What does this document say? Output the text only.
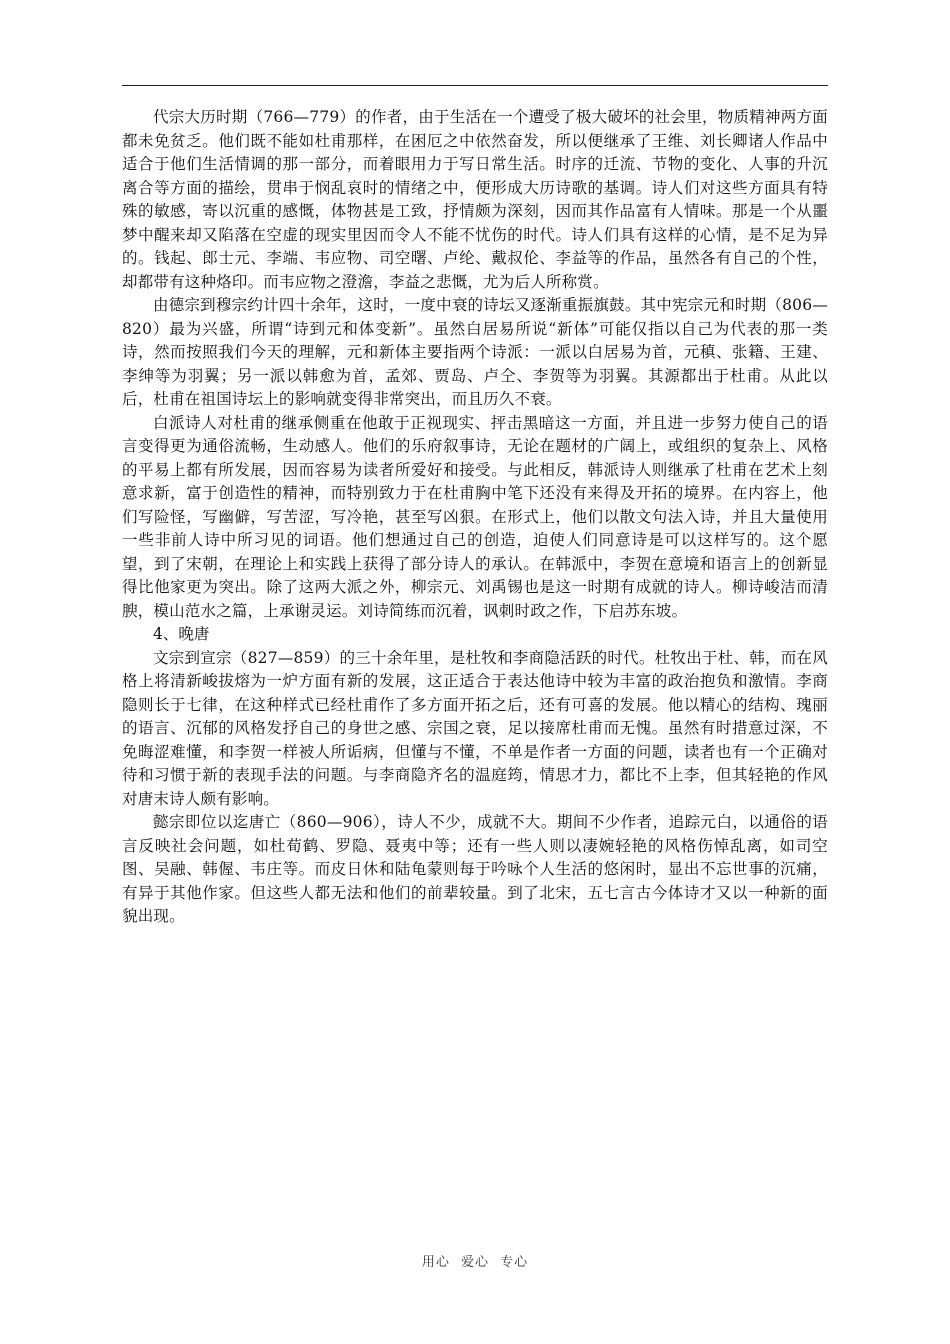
代宗大历时期（766—779）的作者，由于生活在一个遭受了极大破坏的社会里，物质精神两方面都未免贫乏。他们既不能如杜甫那样，在困厄之中依然奋发，所以便继承了王维、刘长卿诸人作品中适合于他们生活情调的那一部分，而着眼用力于写日常生活。时序的迁流、节物的变化、人事的升沉离合等方面的描绘，贯串于悯乱哀时的情绪之中，便形成大历诗歌的基调。诗人们对这些方面具有特殊的敏感，寄以沉重的感慨，体物甚是工致，抒情颇为深刻，因而其作品富有人情味。那是一个从噩梦中醒来却又陷落在空虚的现实里因而令人不能不忧伤的时代。诗人们具有这样的心情，是不足为异的。钱起、郎士元、李端、韦应物、司空曙、卢纶、戴叔伦、李益等的作品，虽然各有自己的个性，却都带有这种烙印。而韦应物之澄澹，李益之悲慨，尤为后人所称赏。

由德宗到穆宗约计四十余年，这时，一度中衰的诗坛又逐渐重振旗鼓。其中宪宗元和时期（806—820）最为兴盛，所谓“诗到元和体变新”。虽然白居易所说“新体”可能仅指以自己为代表的那一类诗，然而按照我们今天的理解，元和新体主要指两个诗派：一派以白居易为首，元稹、张籍、王建、李绅等为羽翼；另一派以韩愈为首，孟郊、贾岛、卢仝、李贺等为羽翼。其源都出于杜甫。从此以后，杜甫在祖国诗坛上的影响就变得非常突出，而且历久不衰。

白派诗人对杜甫的继承侧重在他敢于正视现实、抨击黑暗这一方面，并且进一步努力使自己的语言变得更为通俗流畅，生动感人。他们的乐府叙事诗，无论在题材的广阔上，或组织的复杂上、风格的平易上都有所发展，因而容易为读者所爱好和接受。与此相反，韩派诗人则继承了杜甫在艺术上刻意求新，富于创造性的精神，而特别致力于在杜甫胸中笔下还没有来得及开拓的境界。在内容上，他们写险怪，写幽僻，写苦涩，写冷艳，甚至写凶狠。在形式上，他们以散文句法入诗，并且大量使用一些非前人诗中所习见的词语。他们想通过自己的创造，迫使人们同意诗是可以这样写的。这个愿望，到了宋朝，在理论上和实践上获得了部分诗人的承认。在韩派中，李贺在意境和语言上的创新显得比他家更为突出。除了这两大派之外，柳宗元、刘禹锡也是这一时期有成就的诗人。柳诗峻洁而清腴，模山范水之篇，上承谢灵运。刘诗简练而沉着，讽刺时政之作，下启苏东坡。

4、晚唐

文宗到宣宗（827—859）的三十余年里，是杜牧和李商隐活跃的时代。杜牧出于杜、韩，而在风格上将清新峻拔熔为一炉方面有新的发展，这正适合于表达他诗中较为丰富的政治抱负和激情。李商隐则长于七律，在这种样式已经杜甫作了多方面开拓之后，还有可喜的发展。他以精心的结构、瑰丽的语言、沉郁的风格发抒自己的身世之感、宗国之衰，足以接席杜甫而无愧。虽然有时措意过深，不免晦涩难懂，和李贺一样被人所诟病，但懂与不懂，不单是作者一方面的问题，读者也有一个正确对待和习惯于新的表现手法的问题。与李商隐齐名的温庭筠，情思才力，都比不上李，但其轻艳的作风对唐末诗人颇有影响。

懿宗即位以迄唐亡（860—906），诗人不少，成就不大。期间不少作者，追踪元白，以通俗的语言反映社会问题，如杜荀鹤、罗隐、聂夷中等；还有一些人则以凄婉轻艳的风格伤悼乱离，如司空图、吴融、韩偓、韦庄等。而皮日休和陆龟蒙则每于吟咏个人生活的悠闲时，显出不忘世事的沉痛，有异于其他作家。但这些人都无法和他们的前辈较量。到了北宋，五七言古今体诗才又以一种新的面貌出现。

用心 爱心 专心
